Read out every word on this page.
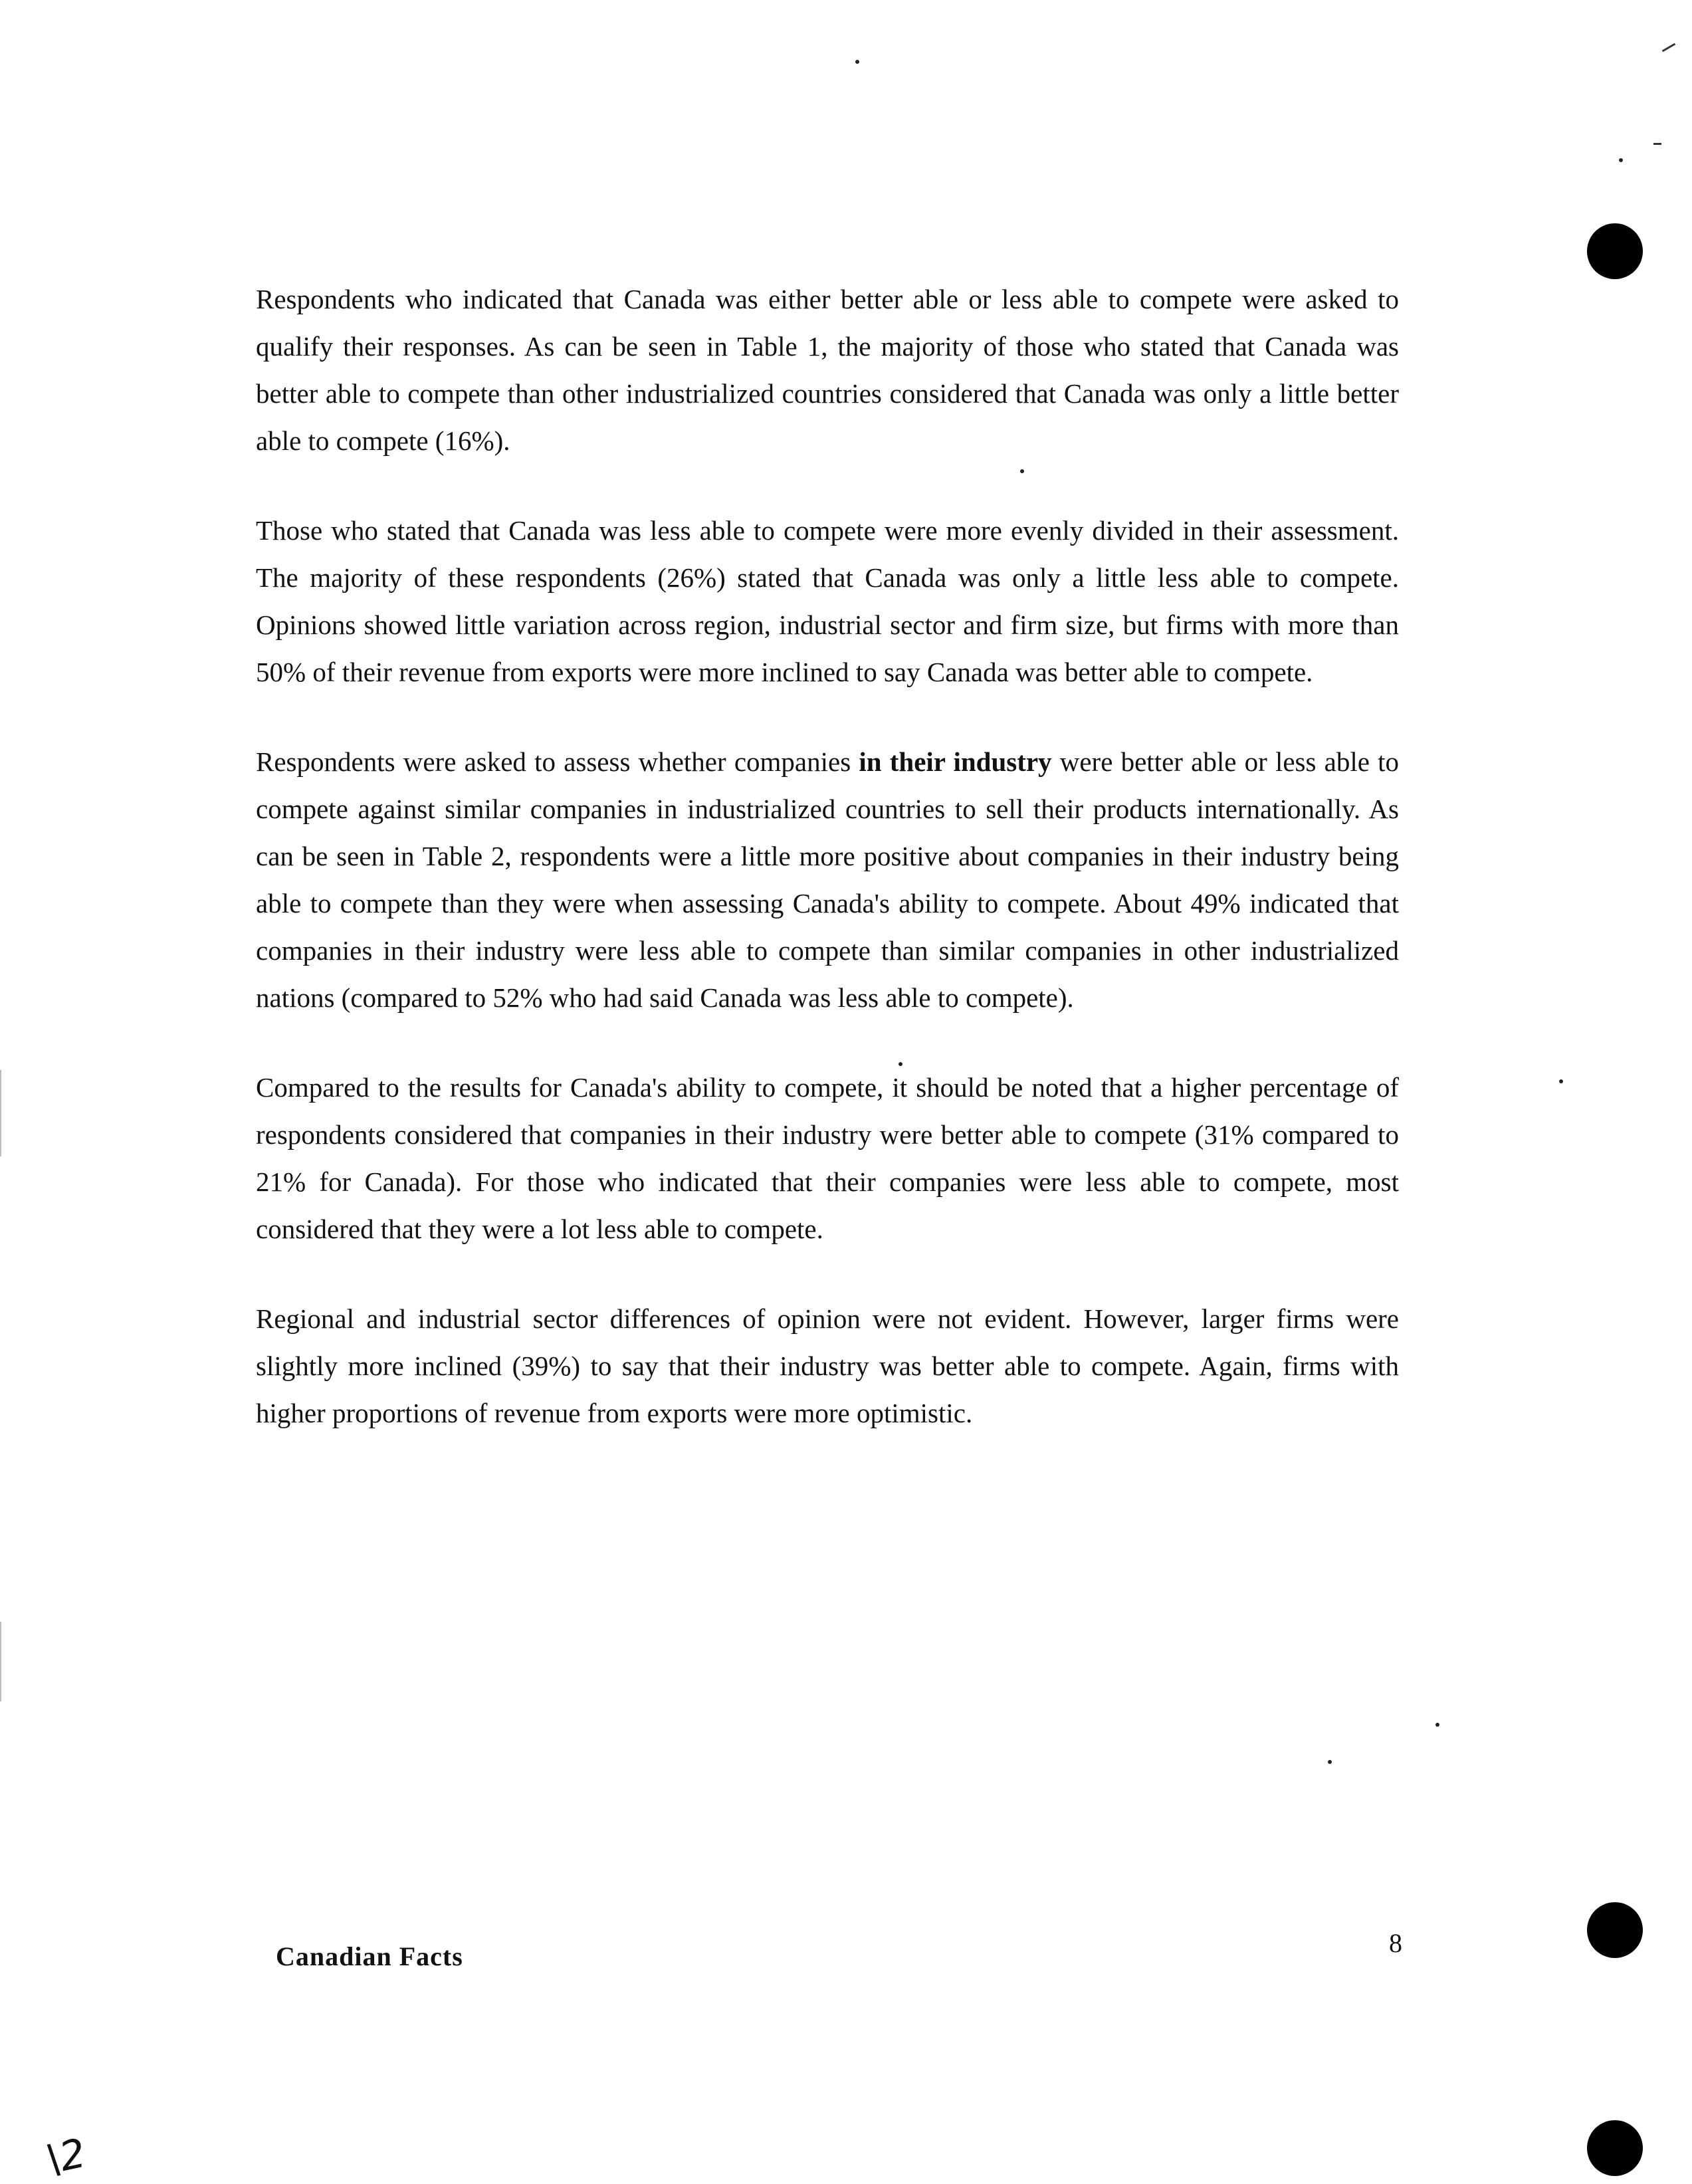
Respondents who indicated that Canada was either better able or less able to compete were asked to qualify their responses. As can be seen in Table 1, the majority of those who stated that Canada was better able to compete than other industrialized countries considered that Canada was only a little better able to compete (16%).

Those who stated that Canada was less able to compete were more evenly divided in their assessment. The majority of these respondents (26%) stated that Canada was only a little less able to compete. Opinions showed little variation across region, industrial sector and firm size, but firms with more than 50% of their revenue from exports were more inclined to say Canada was better able to compete.

Respondents were asked to assess whether companies in their industry were better able or less able to compete against similar companies in industrialized countries to sell their products internationally. As can be seen in Table 2, respondents were a little more positive about companies in their industry being able to compete than they were when assessing Canada's ability to compete. About 49% indicated that companies in their industry were less able to compete than similar companies in other industrialized nations (compared to 52% who had said Canada was less able to compete).

Compared to the results for Canada's ability to compete, it should be noted that a higher percentage of respondents considered that companies in their industry were better able to compete (31% compared to 21% for Canada). For those who indicated that their companies were less able to compete, most considered that they were a lot less able to compete.

Regional and industrial sector differences of opinion were not evident. However, larger firms were slightly more inclined (39%) to say that their industry was better able to compete. Again, firms with higher proportions of revenue from exports were more optimistic.

Canadian Facts	8
\2
